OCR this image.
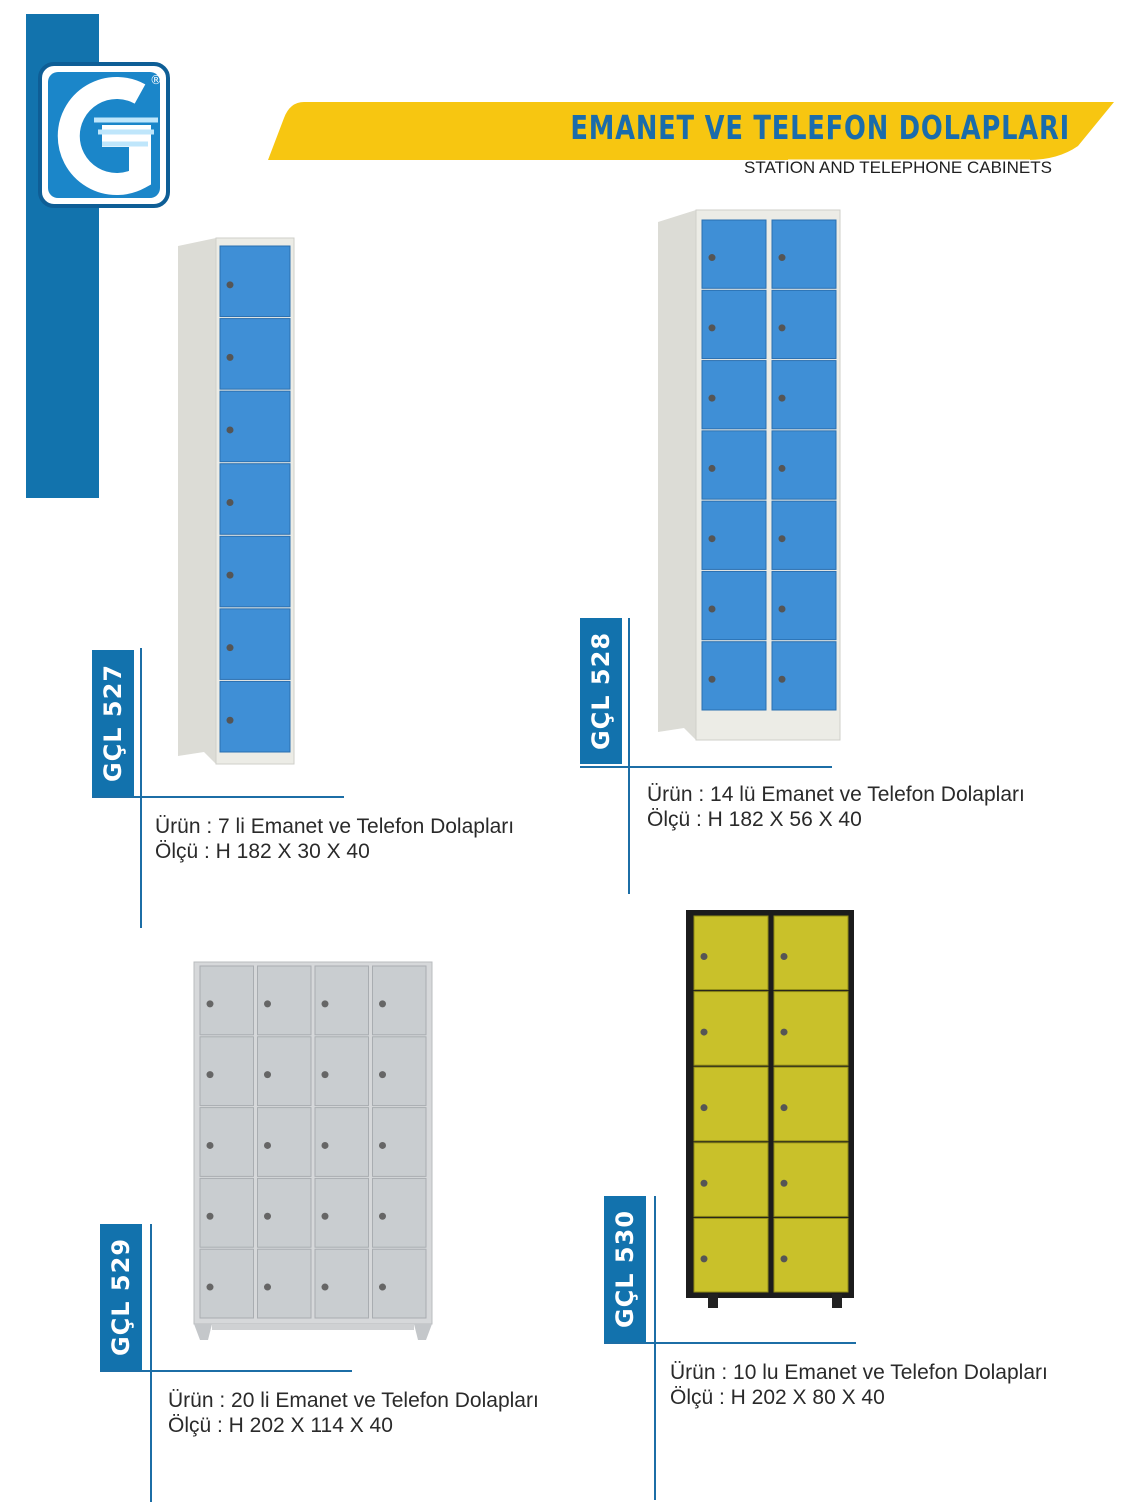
®
EMANET VE TELEFON DOLAPLARI
STATION AND TELEPHONE CABINETS
GÇL 527
Ürün : 7 li Emanet ve Telefon Dolapları
Ölçü : H 182 X 30 X 40
GÇL 528
Ürün : 14 lü Emanet ve Telefon Dolapları
Ölçü : H 182 X 56 X 40
GÇL 529
Ürün : 20 li Emanet ve Telefon Dolapları
Ölçü : H 202 X 114 X 40
GÇL 530
Ürün : 10 lu Emanet ve Telefon Dolapları
Ölçü : H 202 X 80 X 40
